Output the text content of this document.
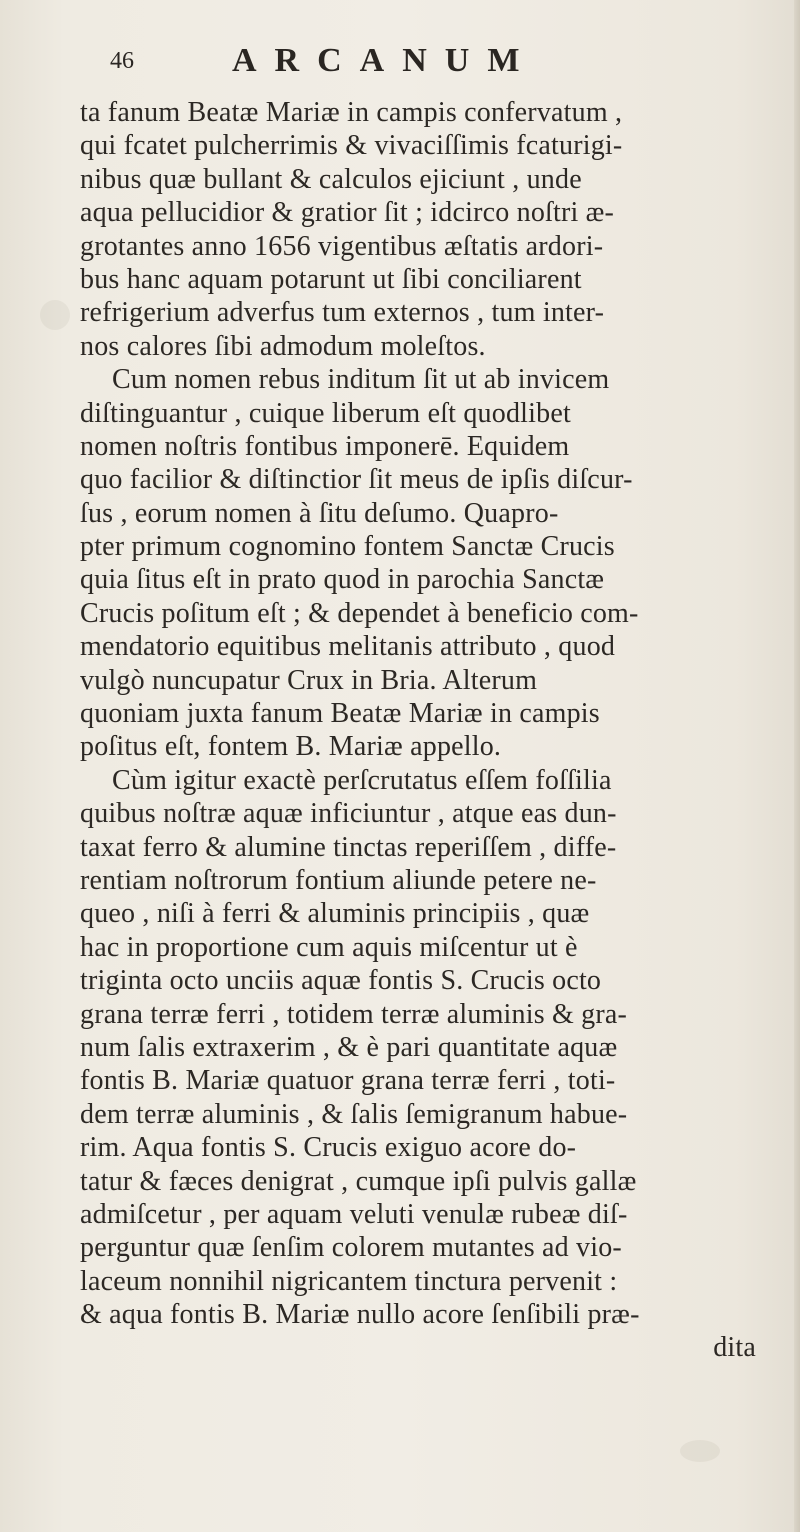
46	ARCANUM
ta fanum Beatæ Mariæ in campis confervatum ,
qui fcatet pulcherrimis & vivaciſſimis fcaturigi-
nibus quæ bullant & calculos ejiciunt , unde
aqua pellucidior & gratior ſit ; idcirco noſtri æ-
grotantes anno 1656 vigentibus æſtatis ardori-
bus hanc aquam potarunt ut ſibi conciliarent
refrigerium adverfus tum externos , tum inter-
nos calores ſibi admodum moleſtos.
Cum nomen rebus inditum ſit ut ab invicem
diſtinguantur , cuique liberum eſt quodlibet
nomen noſtris fontibus imponerē. Equidem
quo facilior & diſtinctior ſit meus de ipſis diſcur-
ſus , eorum nomen à ſitu deſumo. Quapro-
pter primum cognomino fontem Sanctæ Crucis
quia ſitus eſt in prato quod in parochia Sanctæ
Crucis poſitum eſt ; & dependet à beneficio com-
mendatorio equitibus melitanis attributo , quod
vulgò nuncupatur Crux in Bria. Alterum
quoniam juxta fanum Beatæ Mariæ in campis
poſitus eſt, fontem B. Mariæ appello.
Cùm igitur exactè perſcrutatus eſſem foſſilia
quibus noſtræ aquæ inficiuntur , atque eas dun-
taxat ferro & alumine tinctas reperiſſem , diffe-
rentiam noſtrorum fontium aliunde petere ne-
queo , niſi à ferri & aluminis principiis , quæ
hac in proportione cum aquis miſcentur ut è
triginta octo unciis aquæ fontis S. Crucis octo
grana terræ ferri , totidem terræ aluminis & gra-
num ſalis extraxerim , & è pari quantitate aquæ
fontis B. Mariæ quatuor grana terræ ferri , toti-
dem terræ aluminis , & ſalis ſemigranum habue-
rim. Aqua fontis S. Crucis exiguo acore do-
tatur & fæces denigrat , cumque ipſi pulvis gallæ
admiſcetur , per aquam veluti venulæ rubeæ diſ-
perguntur quæ ſenſim colorem mutantes ad vio-
laceum nonnihil nigricantem tinctura pervenit :
& aqua fontis B. Mariæ nullo acore ſenſibili præ-
dita
